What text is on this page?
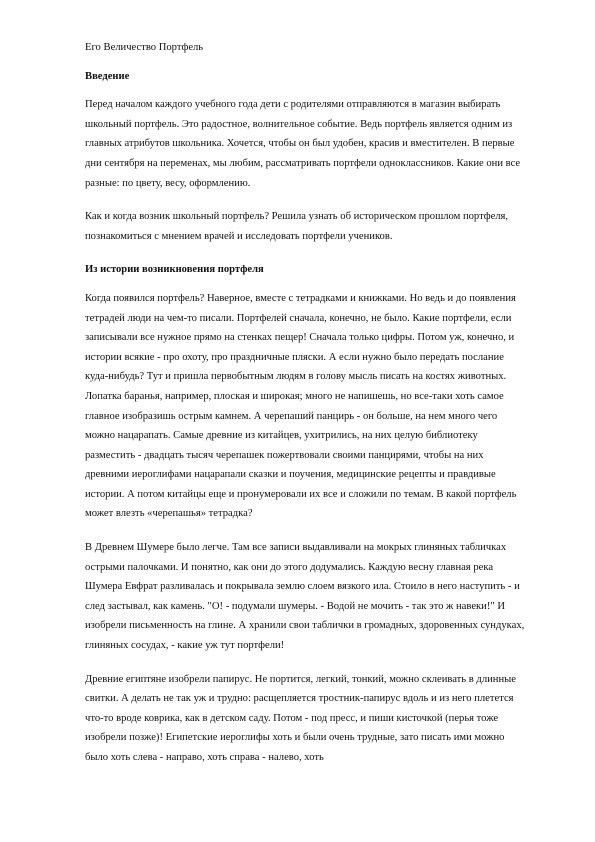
Его Величество Портфель
Введение

Перед началом каждого учебного года дети с родителями отправляются в магазин выбирать школьный портфель. Это радостное, волнительное событие. Ведь портфель является одним из главных атрибутов школьника. Хочется, чтобы он был удобен, красив и вместителен. В первые дни сентября на переменах, мы любим, рассматривать портфели одноклассников. Какие они все разные: по цвету, весу, оформлению.

Как и когда возник школьный портфель? Решила узнать об историческом прошлом портфеля, познакомиться с мнением врачей и исследовать портфели учеников.

Из истории возникновения портфеля

Когда появился портфель? Наверное, вместе с тетрадками и книжками. Но ведь и до появления тетрадей люди на чем-то писали. Портфелей сначала, конечно, не было. Какие портфели, если записывали все нужное прямо на стенках пещер! Сначала только цифры. Потом уж, конечно, и истории всякие - про охоту, про праздничные пляски. А если нужно было передать послание куда-нибудь? Тут и пришла первобытным людям в голову мысль писать на костях животных. Лопатка баранья, например, плоская и широкая; много не напишешь, но все-таки хоть самое главное изобразишь острым камнем. А черепаший панцирь - он больше, на нем много чего можно нацарапать. Самые древние из китайцев, ухитрились, на них целую библиотеку разместить - двадцать тысяч черепашек пожертвовали своими панцирями, чтобы на них древними иероглифами нацарапали сказки и поучения, медицинские рецепты и правдивые истории. А потом китайцы еще и пронумеровали их все и сложили по темам. В какой портфель может влезть «черепашья» тетрадка?

В Древнем Шумере было легче. Там все записи выдавливали на мокрых глиняных табличках острыми палочками. И понятно, как они до этого додумались. Каждую весну главная река Шумера Евфрат разливалась и покрывала землю слоем вязкого ила. Стоило в него наступить - и след застывал, как камень. "О! - подумали шумеры. - Водой не мочить - так это ж навеки!" И изобрели письменность на глине. А хранили свои таблички в громадных, здоровенных сундуках, глиняных сосудах, - какие уж тут портфели!

Древние египтяне изобрели папирус. Не портится, легкий, тонкий, можно склеивать в длинные свитки. А делать не так уж и трудно: расщепляется тростник-папирус вдоль и из него плетется что-то вроде коврика, как в детском саду. Потом - под пресс, и пиши кисточкой (перья тоже изобрели позже)! Египетские иероглифы хоть и были очень трудные, зато писать ими можно было хоть слева - направо, хоть справа - налево, хоть
